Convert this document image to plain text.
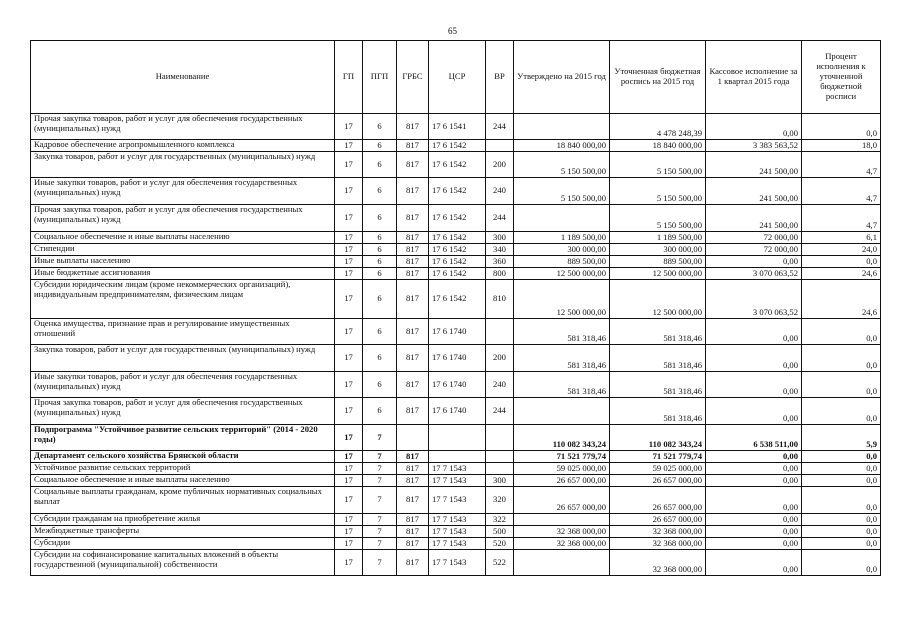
65
Наименование	ГП	ПГП	ГРБС	ЦСР	ВР	Утверждено на 2015 год	Уточненная бюджетная роспись на 2015 год	Кассовое исполнение за 1 квартал 2015 года	Процент исполнения к уточненной бюджетной росписи
Прочая закупка товаров, работ и услуг для обеспечения государственных (муниципальных) нужд	17	6	817	17 6 1541	244		4 478 248,39	0,00	0,0
Кадровое обеспечение агропромышленного комплекса	17	6	817	17 6 1542		18 840 000,00	18 840 000,00	3 383 563,52	18,0
Закупка товаров, работ и услуг для государственных (муниципальных) нужд	17	6	817	17 6 1542	200	5 150 500,00	5 150 500,00	241 500,00	4,7
Иные закупки товаров, работ и услуг для обеспечения государственных (муниципальных) нужд	17	6	817	17 6 1542	240	5 150 500,00	5 150 500,00	241 500,00	4,7
Прочая закупка товаров, работ и услуг для обеспечения государственных (муниципальных) нужд	17	6	817	17 6 1542	244		5 150 500,00	241 500,00	4,7
Социальное обеспечение и иные выплаты населению	17	6	817	17 6 1542	300	1 189 500,00	1 189 500,00	72 000,00	6,1
Стипендии	17	6	817	17 6 1542	340	300 000,00	300 000,00	72 000,00	24,0
Иные выплаты населению	17	6	817	17 6 1542	360	889 500,00	889 500,00	0,00	0,0
Иные бюджетные ассигнования	17	6	817	17 6 1542	800	12 500 000,00	12 500 000,00	3 070 063,52	24,6
Субсидии юридическим лицам (кроме некоммерческих организаций), индивидуальным предпринимателям, физическим лицам	17	6	817	17 6 1542	810	12 500 000,00	12 500 000,00	3 070 063,52	24,6
Оценка имущества, признание прав и регулирование имущественных отношений	17	6	817	17 6 1740		581 318,46	581 318,46	0,00	0,0
Закупка товаров, работ и услуг для государственных (муниципальных) нужд	17	6	817	17 6 1740	200	581 318,46	581 318,46	0,00	0,0
Иные закупки товаров, работ и услуг для обеспечения государственных (муниципальных) нужд	17	6	817	17 6 1740	240	581 318,46	581 318,46	0,00	0,0
Прочая закупка товаров, работ и услуг для обеспечения государственных (муниципальных) нужд	17	6	817	17 6 1740	244		581 318,46	0,00	0,0
Подпрограмма "Устойчивое развитие сельских территорий" (2014 - 2020 годы)	17	7				110 082 343,24	110 082 343,24	6 538 511,00	5,9
Департамент сельского хозяйства Брянской области	17	7	817			71 521 779,74	71 521 779,74	0,00	0,0
Устойчивое развитие сельских территорий	17	7	817	17 7 1543		59 025 000,00	59 025 000,00	0,00	0,0
Социальное обеспечение и иные выплаты населению	17	7	817	17 7 1543	300	26 657 000,00	26 657 000,00	0,00	0,0
Социальные выплаты гражданам, кроме публичных нормативных социальных выплат	17	7	817	17 7 1543	320	26 657 000,00	26 657 000,00	0,00	0,0
Субсидии гражданам на приобретение жилья	17	7	817	17 7 1543	322		26 657 000,00	0,00	0,0
Межбюджетные трансферты	17	7	817	17 7 1543	500	32 368 000,00	32 368 000,00	0,00	0,0
Субсидии	17	7	817	17 7 1543	520	32 368 000,00	32 368 000,00	0,00	0,0
Субсидии на софинансирование капитальных вложений в объекты государственной (муниципальной) собственности	17	7	817	17 7 1543	522		32 368 000,00	0,00	0,0
